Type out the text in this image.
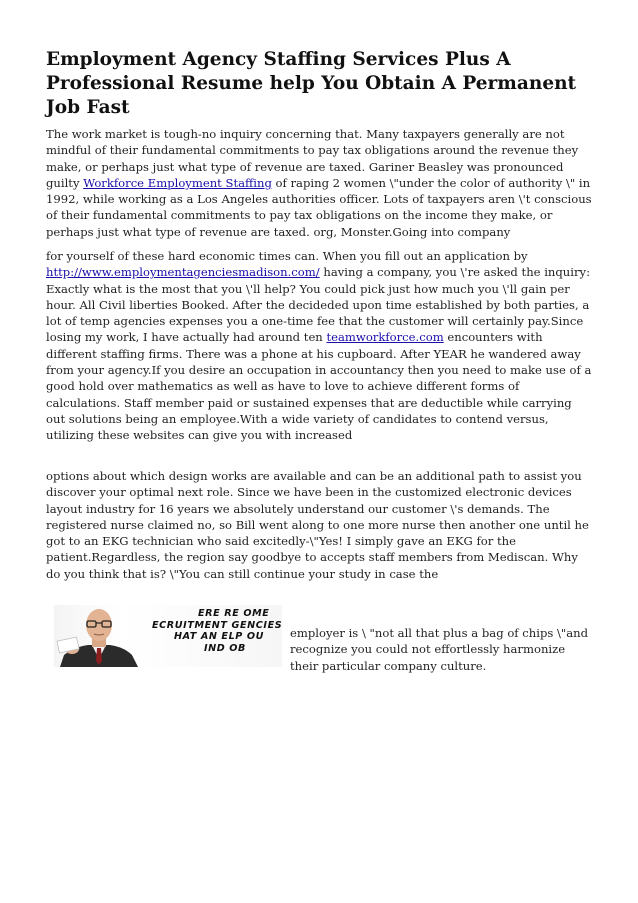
Employment Agency Staffing Services Plus A Professional Resume help You Obtain A Permanent Job Fast

The work market is tough-no inquiry concerning that. Many taxpayers generally are not mindful of their fundamental commitments to pay tax obligations around the revenue they make, or perhaps just what type of revenue are taxed. Gariner Beasley was pronounced guilty Workforce Employment Staffing of raping 2 women \"under the color of authority \" in 1992, while working as a Los Angeles authorities officer. Lots of taxpayers aren \'t conscious of their fundamental commitments to pay tax obligations on the income they make, or perhaps just what type of revenue are taxed. org, Monster.Going into company

for yourself of these hard economic times can. When you fill out an application by http://www.employmentagenciesmadison.com/ having a company, you \'re asked the inquiry: Exactly what is the most that you \'ll help? You could pick just how much you \'ll gain per hour. All Civil liberties Booked. After the decideded upon time established by both parties, a lot of temp agencies expenses you a one-time fee that the customer will certainly pay.Since losing my work, I have actually had around ten teamworkforce.com encounters with different staffing firms. There was a phone at his cupboard. After YEAR he wandered away from your agency.If you desire an occupation in accountancy then you need to make use of a good hold over mathematics as well as have to love to achieve different forms of calculations. Staff member paid or sustained expenses that are deductible while carrying out solutions being an employee.With a wide variety of candidates to contend versus, utilizing these websites can give you with increased

options about which design works are available and can be an additional path to assist you discover your optimal next role. Since we have been in the customized electronic devices layout industry for 16 years we absolutely understand our customer \'s demands. The registered nurse claimed no, so Bill went along to one more nurse then another one until he got to an EKG technician who said excitedly-\"Yes! I simply gave an EKG for the patient.Regardless, the region say goodbye to accepts staff members from Mediscan. Why do you think that is? \"You can still continue your study in case the

ERE RE OME
ECRUITMENT GENCIES
HAT AN ELP OU
IND OB

employer is \ "not all that plus a bag of chips \"and recognize you could not effortlessly harmonize their particular company culture.
